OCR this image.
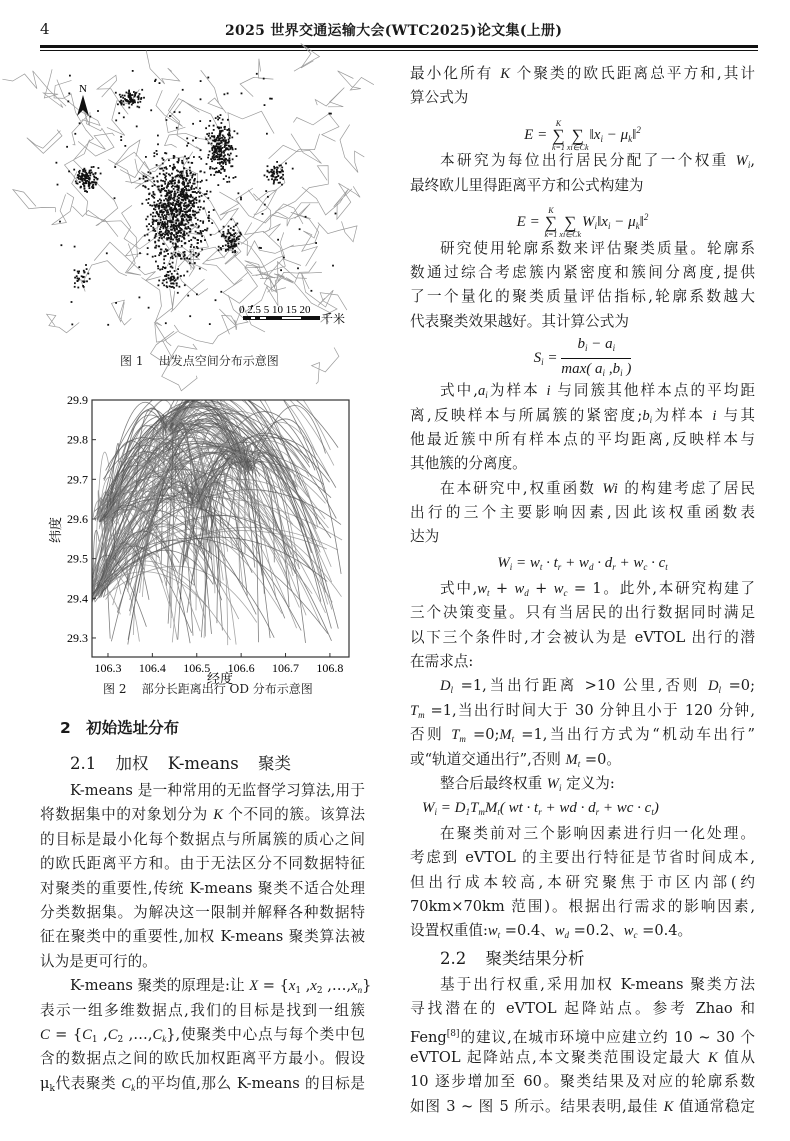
4	2025 世界交通运输大会(WTC2025)论文集(上册)
N
0 2.5 5 10 15 20
千米
图 1    出发点空间分布示意图
106.3 106.4 106.5 106.6 106.7 106.8
29.3
29.4
29.5
29.6
29.7
29.8
29.9
经度
纬度
图 2    部分长距离出行 OD 分布示意图
2 初始选址分布
2.1 加权 K-means 聚类
K-means 是一种常用的无监督学习算法,用于
将数据集中的对象划分为 K 个不同的簇。该算法
的目标是最小化每个数据点与所属簇的质心之间
的欧氏距离平方和。由于无法区分不同数据特征
对聚类的重要性,传统 K-means 聚类不适合处理
分类数据集。为解决这一限制并解释各种数据特
征在聚类中的重要性,加权 K-means 聚类算法被
认为是更可行的。
K-means 聚类的原理是:让 $X = \{x_1$ $,x_2$ $,\dots,x_n$}
表示一组多维数据点,我们的目标是找到一组簇
$C = \{C_1$ $,C_2$ $,\dots,C_k$},使聚类中心点与每个类中包
含的数据点之间的欧氏加权距离平方最小。假设
$\mu_k$代表聚类 $C_k$的平均值,那么 K-means 的目标是
最小化所有 K 个聚类的欧氏距离总平方和,其计
算公式为
E =
K
∑
k=1

∑
xi∈Ck
$‖x_i$ − $\mu_k‖^2$
本研究为每位出行居民分配了一个权重 $W_i$,
最终欧儿里得距离平方和公式构建为
E =
K
∑
k=1

∑
xi∈Ck
$W_i‖x_i$ − $\mu_k‖^2$
研究使用轮廓系数来评估聚类质量。轮廓系
数通过综合考虑簇内紧密度和簇间分离度,提供
了一个量化的聚类质量评估指标,轮廓系数越大
代表聚类效果越好。其计算公式为
$S_i = \frac{b_i - a_i}{\max( a_i ,b_i )}$
式中$,a_i$为样本 i 与同簇其他样本点的平均距
离,反映样本与所属簇的紧密度$;b_i$为样本 i 与其
他最近簇中所有样本点的平均距离,反映样本与
其他簇的分离度。
在本研究中,权重函数 Wi 的构建考虑了居民
出行的三个主要影响因素,因此该权重函数表
达为
$W_i = w_t \cdot t_r + w_d \cdot d_r + w_c \cdot c_t$
式中$,w_t + w_d + w_c = 1$。此外,本研究构建了
三个决策变量。只有当居民的出行数据同时满足
以下三个条件时,才会被认为是 eVTOL 出行的潜
在需求点:
$D_l =1$,当出行距离 >10 公里,否则 $D_l =0$;
$T_m =1$,当出行时间大于 30 分钟且小于 120 分钟,
否则 $T_m$ $=0;M_t =1$,当出行方式为“机动车出行”
或“轨道交通出行”,否则 $M_t =0$。
整合后最终权重 $W_i$ 定义为:
$W_i = D_1T_mM_t$( wt · $t_r$ + wd · $d_r$ + wc · $c_t$)
在聚类前对三个影响因素进行归一化处理。
考虑到 eVTOL 的主要出行特征是节省时间成本,
但出行成本较高,本研究聚焦于市区内部(约
70km×70km 范围)。根据出行需求的影响因素,
设置权重值$:w_t =0.4$、$w_d =0.2$、$w_c =0.4$。
2.2 聚类结果分析
基于出行权重,采用加权 K-means 聚类方法
寻找潜在的 eVTOL 起降站点。参考 Zhao 和
Feng[8]的建议,在城市环境中应建立约 10 ~ 30 个
eVTOL 起降站点,本文聚类范围设定最大 K 值从
10 逐步增加至 60。聚类结果及对应的轮廓系数
如图 3 ~ 图 5 所示。结果表明,最佳 K 值通常稳定
